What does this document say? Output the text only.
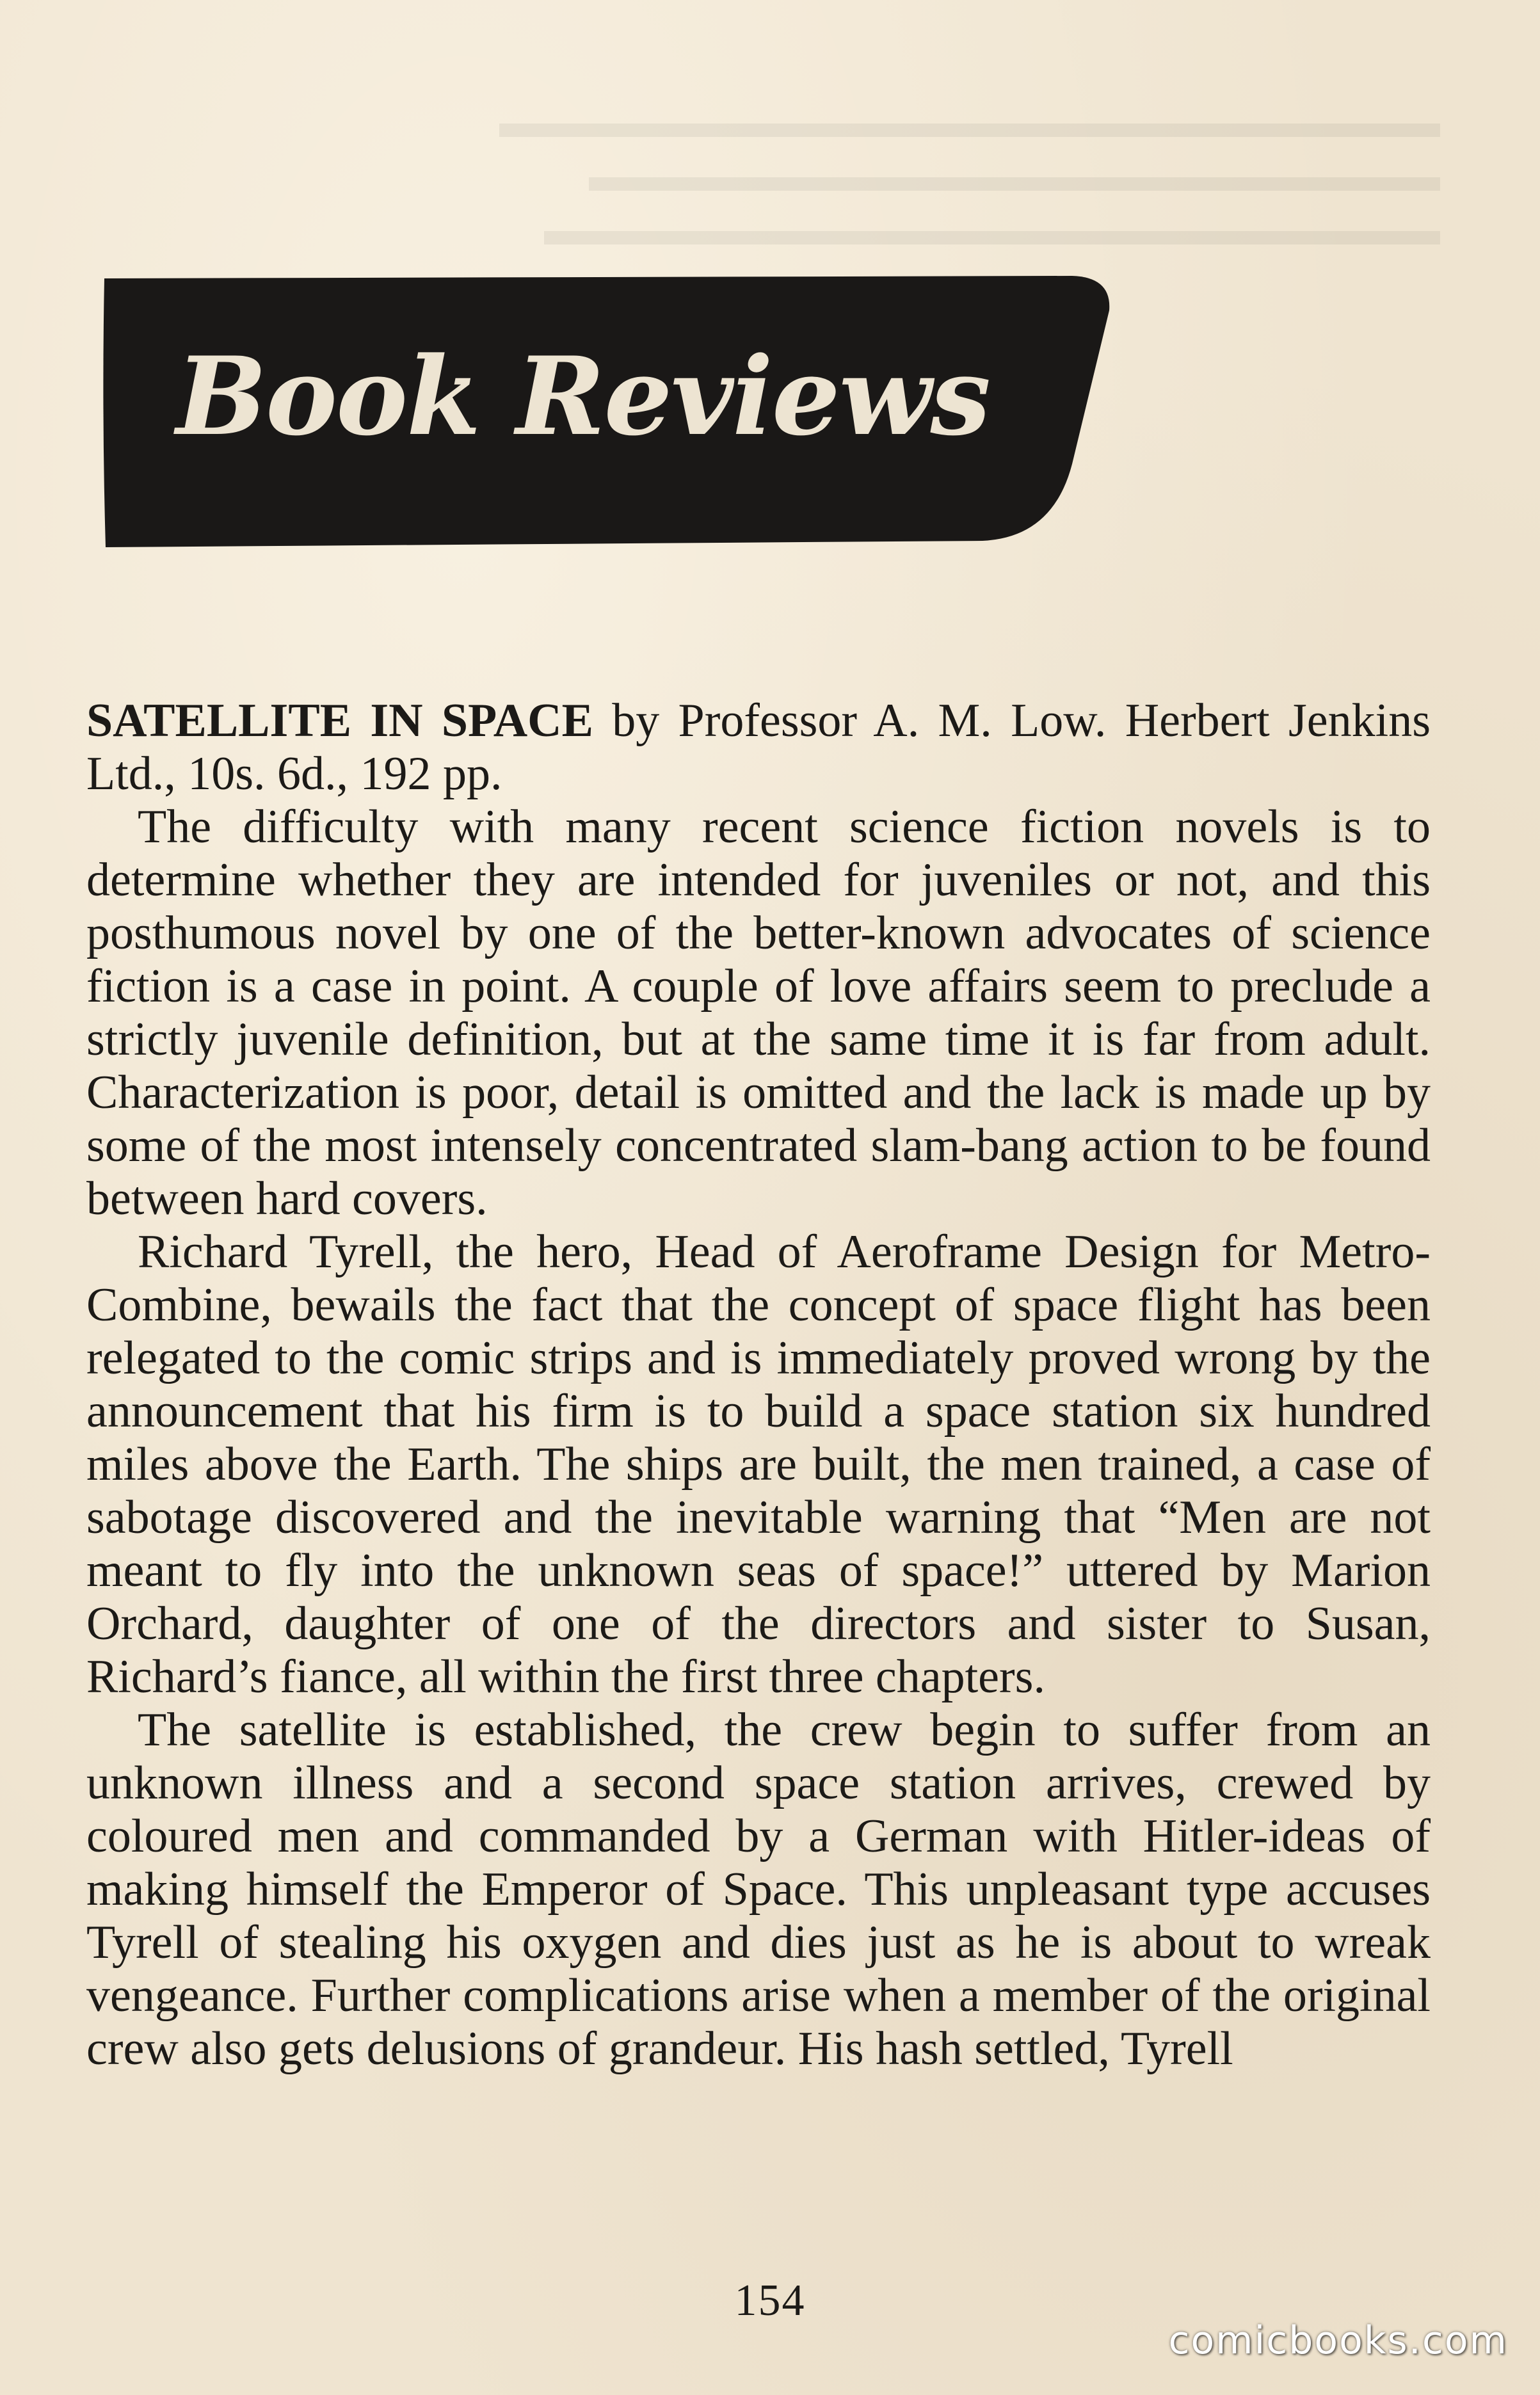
​▬▬▬▬▬▬▬▬▬▬▬▬▬▬▬▬▬▬▬▬▬
▬▬▬▬▬▬▬▬▬▬▬▬▬▬▬▬▬▬▬
▬▬▬▬▬▬▬▬▬▬▬▬▬▬▬▬▬▬▬▬
Book Reviews

SATELLITE IN SPACE by Professor A. M. Low. Herbert Jenkins Ltd., 10s. 6d., 192 pp.

The difficulty with many recent science fiction novels is to determine whether they are intended for juveniles or not, and this posthumous novel by one of the better-known advocates of science fiction is a case in point. A couple of love affairs seem to preclude a strictly juvenile definition, but at the same time it is far from adult. Characterization is poor, detail is omitted and the lack is made up by some of the most intensely concentrated slam-bang action to be found between hard covers.

Richard Tyrell, the hero, Head of Aeroframe Design for Metro-Combine, bewails the fact that the concept of space flight has been relegated to the comic strips and is immediately proved wrong by the announcement that his firm is to build a space station six hundred miles above the Earth. The ships are built, the men trained, a case of sabotage discovered and the inevitable warning that “Men are not meant to fly into the unknown seas of space!” uttered by Marion Orchard, daughter of one of the directors and sister to Susan, Richard’s fiance, all within the first three chapters.

The satellite is established, the crew begin to suffer from an unknown illness and a second space station arrives, crewed by coloured men and commanded by a German with Hitler-ideas of making himself the Emperor of Space. This unpleasant type accuses Tyrell of stealing his oxygen and dies just as he is about to wreak vengeance. Further complications arise when a member of the original crew also gets delusions of grandeur. His hash settled, Tyrell

154
comicbooks.com
